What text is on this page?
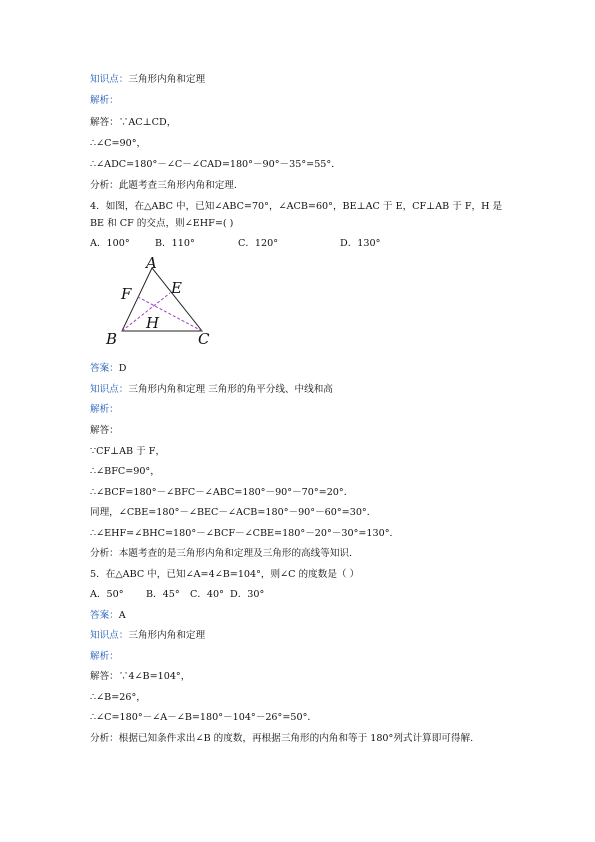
知识点：三角形内角和定理
解析：
解答：∵AC⊥CD，
∴∠C=90°，
∴∠ADC=180°－∠C－∠CAD=180°－90°－35°=55°．
分析：此题考查三角形内角和定理.
4．如图，在△ABC 中，已知∠ABC=70°，∠ACB=60°，BE⊥AC 于 E，CF⊥AB 于 F，H 是
BE 和 CF 的交点，则∠EHF=( )
A．100°	B．110°	C．120°	D．130°
A
B	C
E
F
H
答案：D
知识点：三角形内角和定理 三角形的角平分线、中线和高
解析：
解答：
∵CF⊥AB 于 F，
∴∠BFC=90°，
∴∠BCF=180°－∠BFC－∠ABC=180°－90°－70°=20°．
同理，∠CBE=180°－∠BEC－∠ACB=180°－90°－60°=30°．
∴∠EHF=∠BHC=180°－∠BCF－∠CBE=180°－20°－30°=130°．
分析：本题考查的是三角形内角和定理及三角形的高线等知识.
5．在△ABC 中，已知∠A=4∠B=104°，则∠C 的度数是（ ）
A．50° B．45° C．40° D．30°
答案：A
知识点：三角形内角和定理
解析：
解答：∵4∠B=104°，
∴∠B=26°，
∴∠C=180°－∠A－∠B=180°－104°－26°=50°．
分析：根据已知条件求出∠B 的度数，再根据三角形的内角和等于 180°列式计算即可得解.
